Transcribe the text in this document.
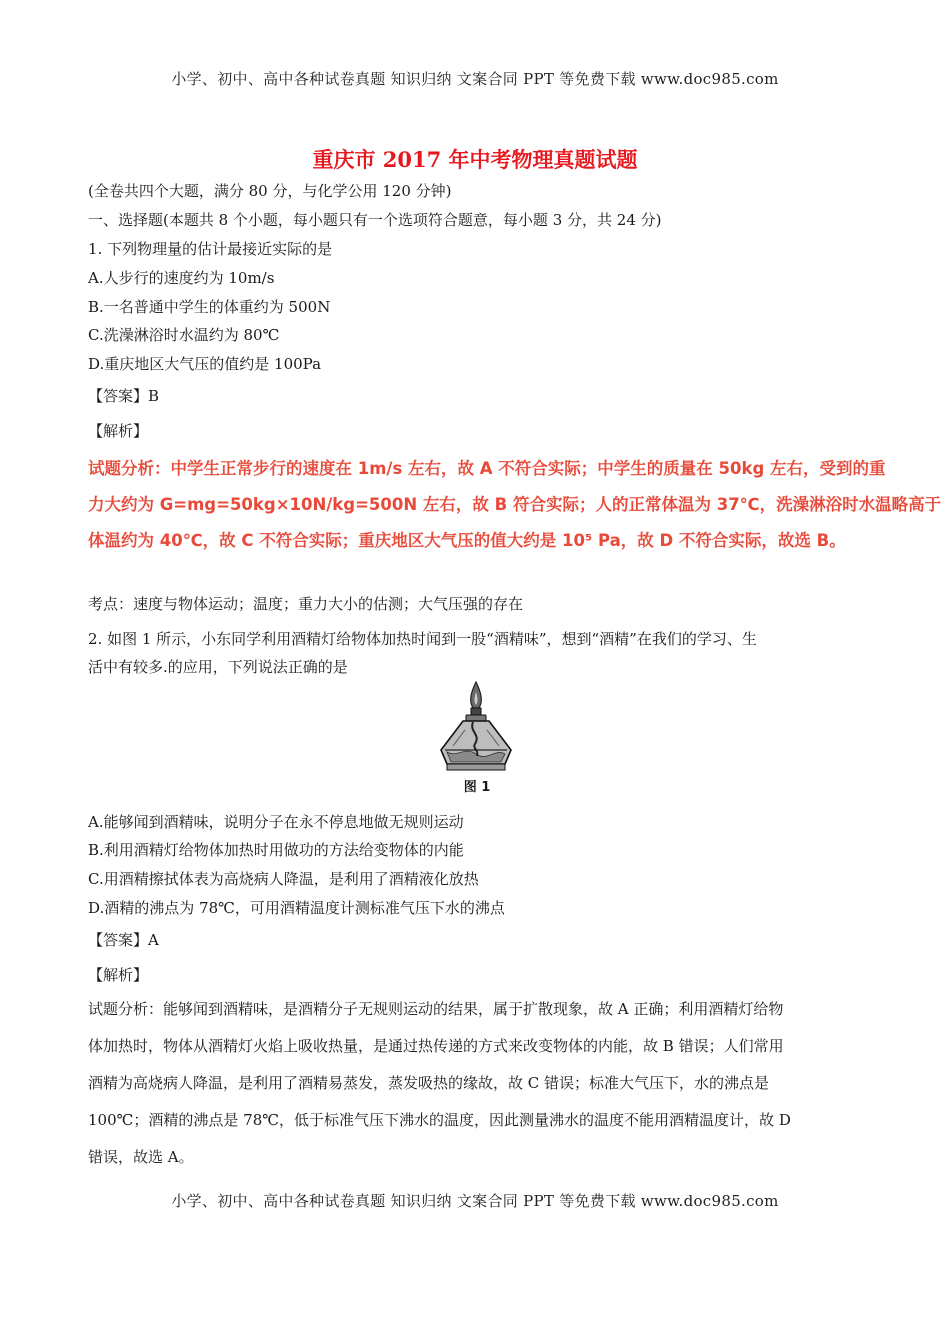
小学、初中、高中各种试卷真题 知识归纳 文案合同 PPT 等免费下载 www.doc985.com
重庆市 2017 年中考物理真题试题
(全卷共四个大题，满分 80 分，与化学公用 120 分钟)
一、选择题(本题共 8 个小题，每小题只有一个选项符合题意，每小题 3 分，共 24 分)
1. 下列物理量的估计最接近实际的是
A.人步行的速度约为 10m/s
B.一名普通中学生的体重约为 500N
C.洗澡淋浴时水温约为 80℃
D.重庆地区大气压的值约是 100Pa
【答案】B
【解析】
试题分析：中学生正常步行的速度在 1m/s 左右，故 A 不符合实际；中学生的质量在 50kg 左右，受到的重
力大约为 G=mg=50kg×10N/kg=500N 左右，故 B 符合实际；人的正常体温为 37℃，洗澡淋浴时水温略高于
体温约为 40℃，故 C 不符合实际；重庆地区大气压的值大约是 10⁵ Pa，故 D 不符合实际，故选 B。
考点：速度与物体运动；温度；重力大小的估测；大气压强的存在
2. 如图 1 所示，小东同学利用酒精灯给物体加热时闻到一股“酒精味”，想到“酒精”在我们的学习、生
活中有较多.的应用，下列说法正确的是
图 1
A.能够闻到酒精味，说明分子在永不停息地做无规则运动
B.利用酒精灯给物体加热时用做功的方法给变物体的内能
C.用酒精擦拭体表为高烧病人降温，是利用了酒精液化放热
D.酒精的沸点为 78℃，可用酒精温度计测标准气压下水的沸点
【答案】A
【解析】
试题分析：能够闻到酒精味，是酒精分子无规则运动的结果，属于扩散现象，故 A 正确；利用酒精灯给物
体加热时，物体从酒精灯火焰上吸收热量，是通过热传递的方式来改变物体的内能，故 B 错误；人们常用
酒精为高烧病人降温，是利用了酒精易蒸发，蒸发吸热的缘故，故 C 错误；标准大气压下，水的沸点是
100℃；酒精的沸点是 78℃，低于标准气压下沸水的温度，因此测量沸水的温度不能用酒精温度计，故 D
错误，故选 A。
小学、初中、高中各种试卷真题 知识归纳 文案合同 PPT 等免费下载 www.doc985.com
